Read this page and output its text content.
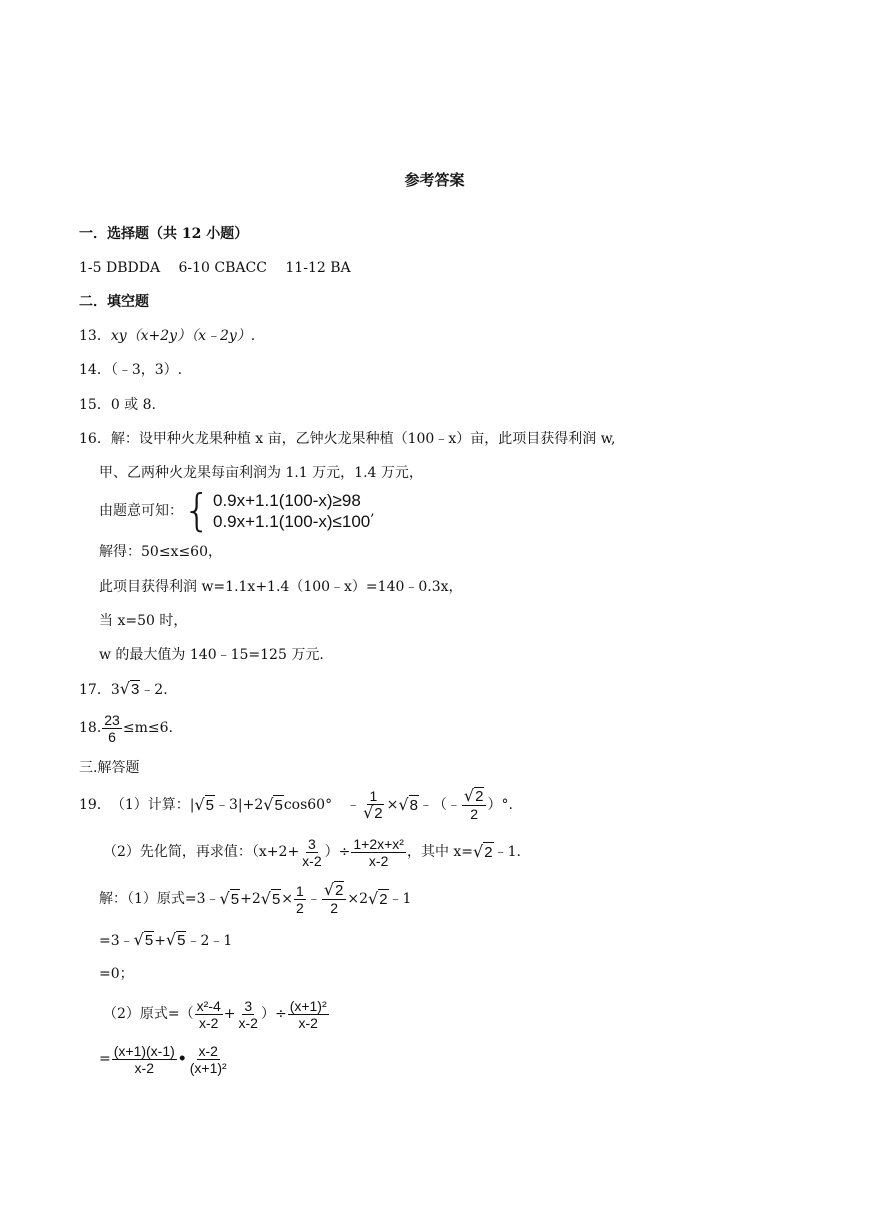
参考答案
一．选择题（共 12 小题）
1-5 DBDDA　 6-10 CBACC　 11-12 BA
二．填空题
13．xy（x+2y）（x﹣2y）.
14．（﹣3，3）.
15．0 或 8.
16．解：设甲种火龙果种植 x 亩，乙钟火龙果种植（100﹣x）亩，此项目获得利润 w,
甲、乙两种火龙果每亩利润为 1.1 万元，1.4 万元，
由题意可知： { 0.9x+1.1(100-x)≥98
0.9x+1.1(100-x)≤100
,
解得：50≤x≤60，
此项目获得利润 w=1.1x+1.4（100﹣x）=140﹣0.3x，
当 x=50 时，
w 的最大值为 140﹣15=125 万元.
17．3√3﹣2.
18. $\frac{23}{6} \le m\le 6$.
三.解答题
19． （1）计算：| √ 5 ﹣3|+2 √ 5 cos60°　﹣ $\frac{1}{√2}$ × √ 8 ﹣（﹣ $\frac{√2}{2}$ ）°.
（2）先化简，再求值：（$x+2+ \frac{3}{x-2}$ ）÷ $\frac{\text{1+2x+x²}}{x-2}$ ，其中 x= √ 2 ﹣1.
解：（1）原式=3﹣ √ 5 +2 √ $5 \times \frac{1}{2}$ ﹣ $\frac{√2}{2} \times 2$ √ 2 ﹣1
=3﹣√5+√5﹣2﹣1
=0；
（2）原式=（ $\frac{\text{x²-4}}{x-2} + \frac{3}{x-2}$ ）÷ $\frac{\text{(x+1)²}}{x-2}$
= $\frac{(x+1)(x-1)}{x-2}$ • $\frac{x-2}{\text{(x+1)²}}$
